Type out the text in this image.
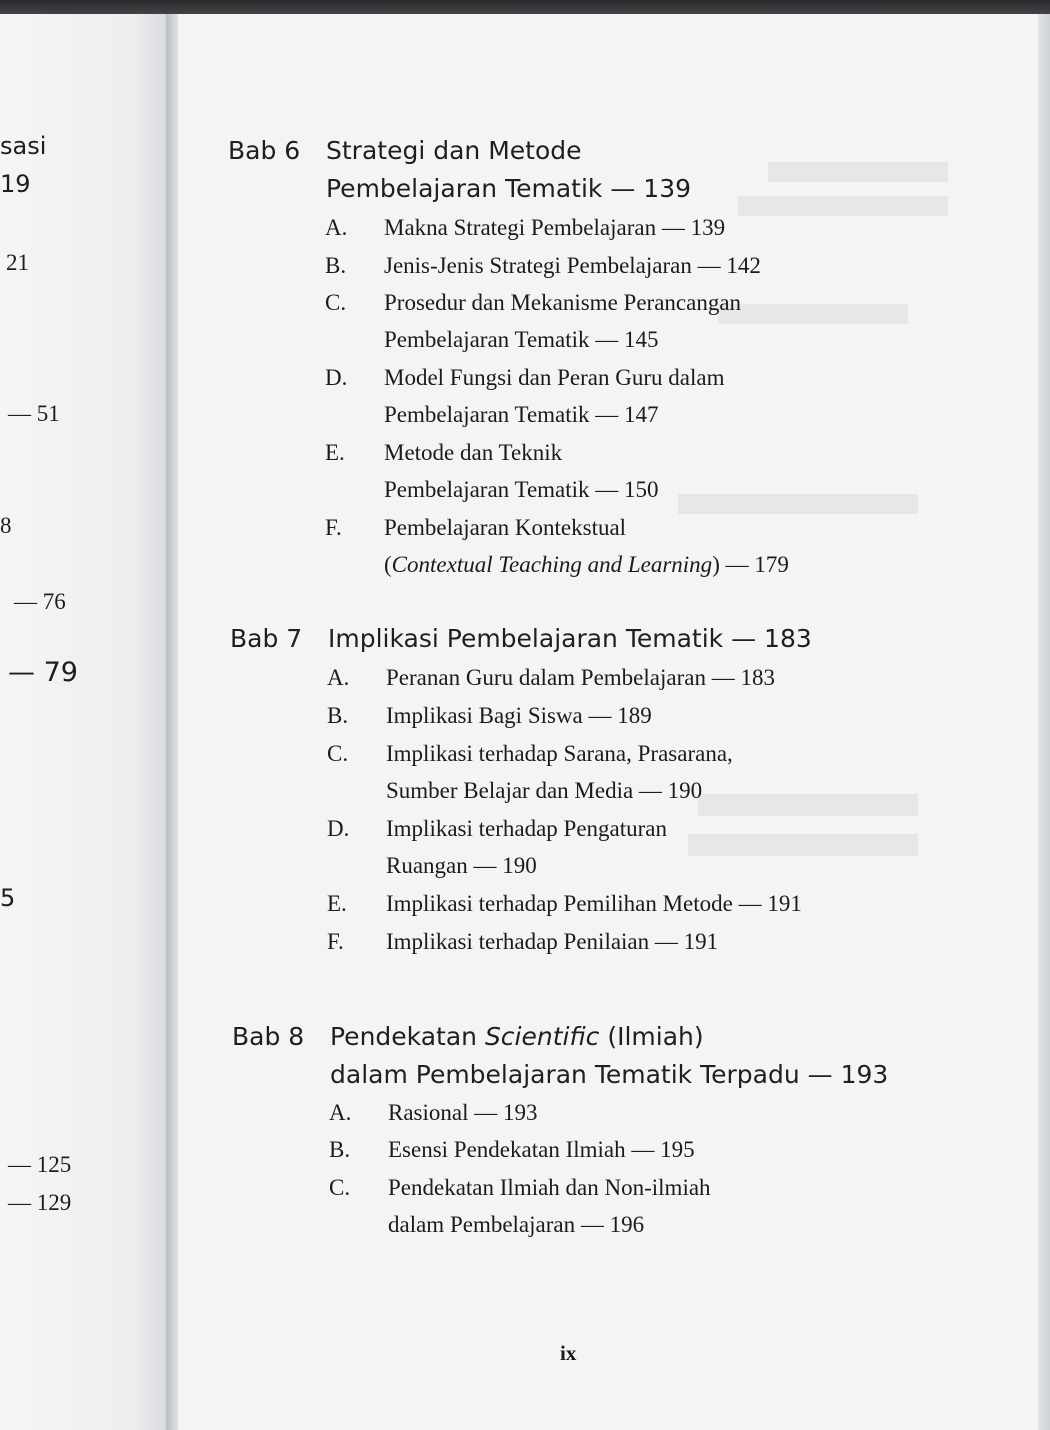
sasi
19
21
— 51
8
— 76
— 79
5
— 125
— 129
Bab 6 Strategi dan Metode
Pembelajaran Tematik — 139
A. Makna Strategi Pembelajaran — 139
B. Jenis-Jenis Strategi Pembelajaran — 142
C. Prosedur dan Mekanisme Perancangan
Pembelajaran Tematik — 145
D. Model Fungsi dan Peran Guru dalam
Pembelajaran Tematik — 147
E. Metode dan Teknik
Pembelajaran Tematik — 150
F. Pembelajaran Kontekstual
(Contextual Teaching and Learning) — 179
Bab 7 Implikasi Pembelajaran Tematik — 183
A. Peranan Guru dalam Pembelajaran — 183
B. Implikasi Bagi Siswa — 189
C. Implikasi terhadap Sarana, Prasarana,
Sumber Belajar dan Media — 190
D. Implikasi terhadap Pengaturan
Ruangan — 190
E. Implikasi terhadap Pemilihan Metode — 191
F. Implikasi terhadap Penilaian — 191
Bab 8 Pendekatan Scientific (Ilmiah)
dalam Pembelajaran Tematik Terpadu — 193
A. Rasional — 193
B. Esensi Pendekatan Ilmiah — 195
C. Pendekatan Ilmiah dan Non-ilmiah
dalam Pembelajaran — 196
ix
